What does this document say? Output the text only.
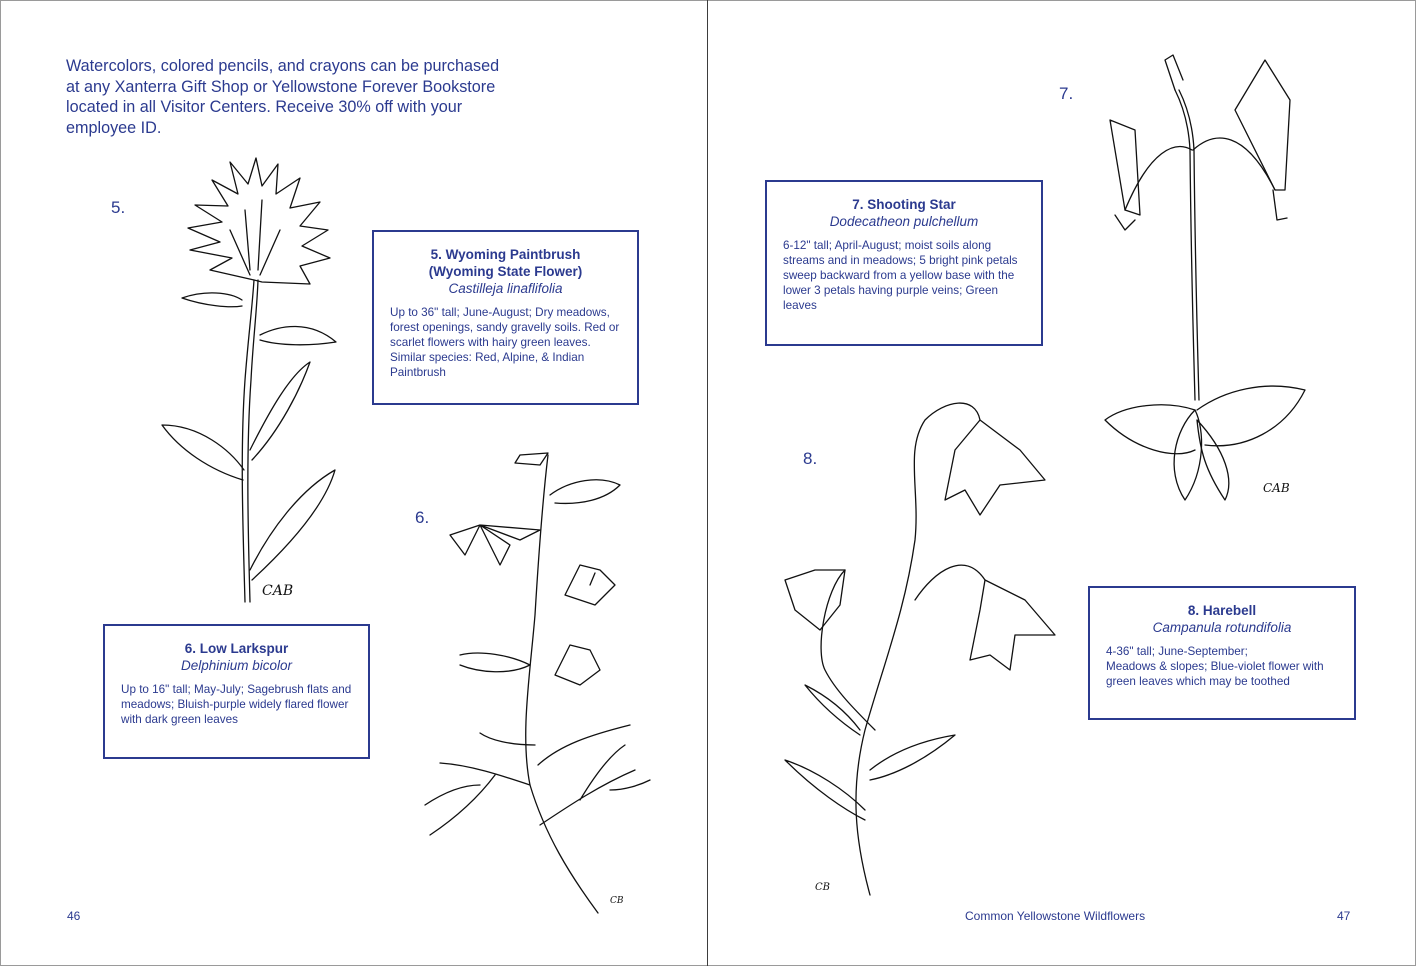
Watercolors, colored pencils, and crayons can be purchased at any Xanterra Gift Shop or Yellowstone Forever Bookstore located in all Visitor Centers. Receive 30% off with your employee ID.
5.
6.
CAB
5. Wyoming Paintbrush
(Wyoming State Flower)
Castilleja linaflifolia
Up to 36" tall; June-August; Dry meadows, forest openings, sandy gravelly soils. Red or scarlet flowers with hairy green leaves. Similar species: Red, Alpine, & Indian Paintbrush
CB
6. Low Larkspur
Delphinium bicolor
Up to 16" tall; May-July; Sagebrush flats and meadows; Bluish-purple widely flared flower with dark green leaves
46
7.
8.
7. Shooting Star
Dodecatheon pulchellum
6-12" tall; April-August; moist soils along streams and in meadows; 5 bright pink petals sweep backward from a yellow base with the lower 3 petals having purple veins; Green leaves
CAB
CB
8. Harebell
Campanula rotundifolia
4-36" tall; June-September;
Meadows & slopes; Blue-violet flower with green leaves which may be toothed
Common Yellowstone Wildflowers	47
